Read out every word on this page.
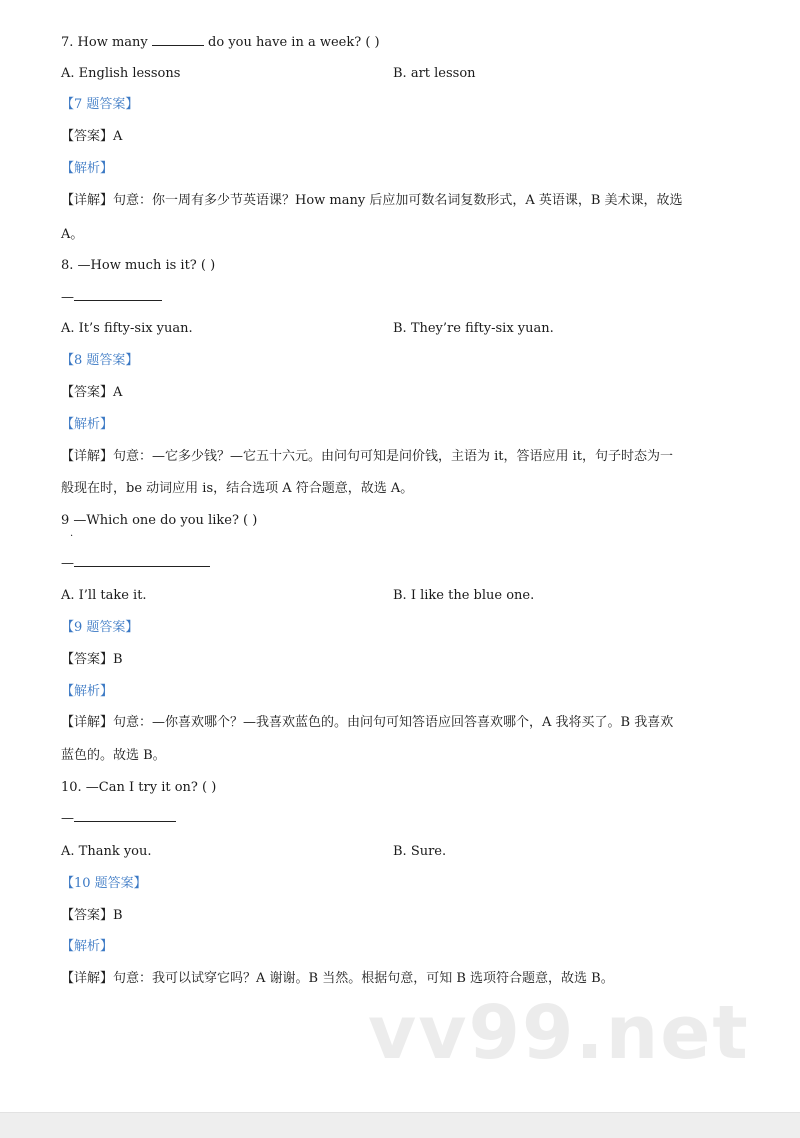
7. How many	do you have in a week? ( )
A. English lessons	B. art lesson
【7 题答案】
【答案】A
【解析】
【详解】句意：你一周有多少节英语课？How many 后应加可数名词复数形式，A 英语课，B 美术课，故选
A。
8. —How much is it? ( )
—
A. It’s fifty-six yuan.	B. They’re fifty-six yuan.
【8 题答案】
【答案】A
【解析】
【详解】句意：—它多少钱？—它五十六元。由问句可知是问价钱，主语为 it，答语应用 it，句子时态为一
般现在时，be 动词应用 is，结合选项 A 符合题意，故选 A。
9 —Which one do you like? ( )
.
—
A. I’ll take it.	B. I like the blue one.
【9 题答案】
【答案】B
【解析】
【详解】句意：—你喜欢哪个？—我喜欢蓝色的。由问句可知答语应回答喜欢哪个，A 我将买了。B 我喜欢
蓝色的。故选 B。
10. —Can I try it on? ( )
—
A. Thank you.	B. Sure.
【10 题答案】
【答案】B
【解析】
【详解】句意：我可以试穿它吗？A 谢谢。B 当然。根据句意，可知 B 选项符合题意，故选 B。
vv99.net
